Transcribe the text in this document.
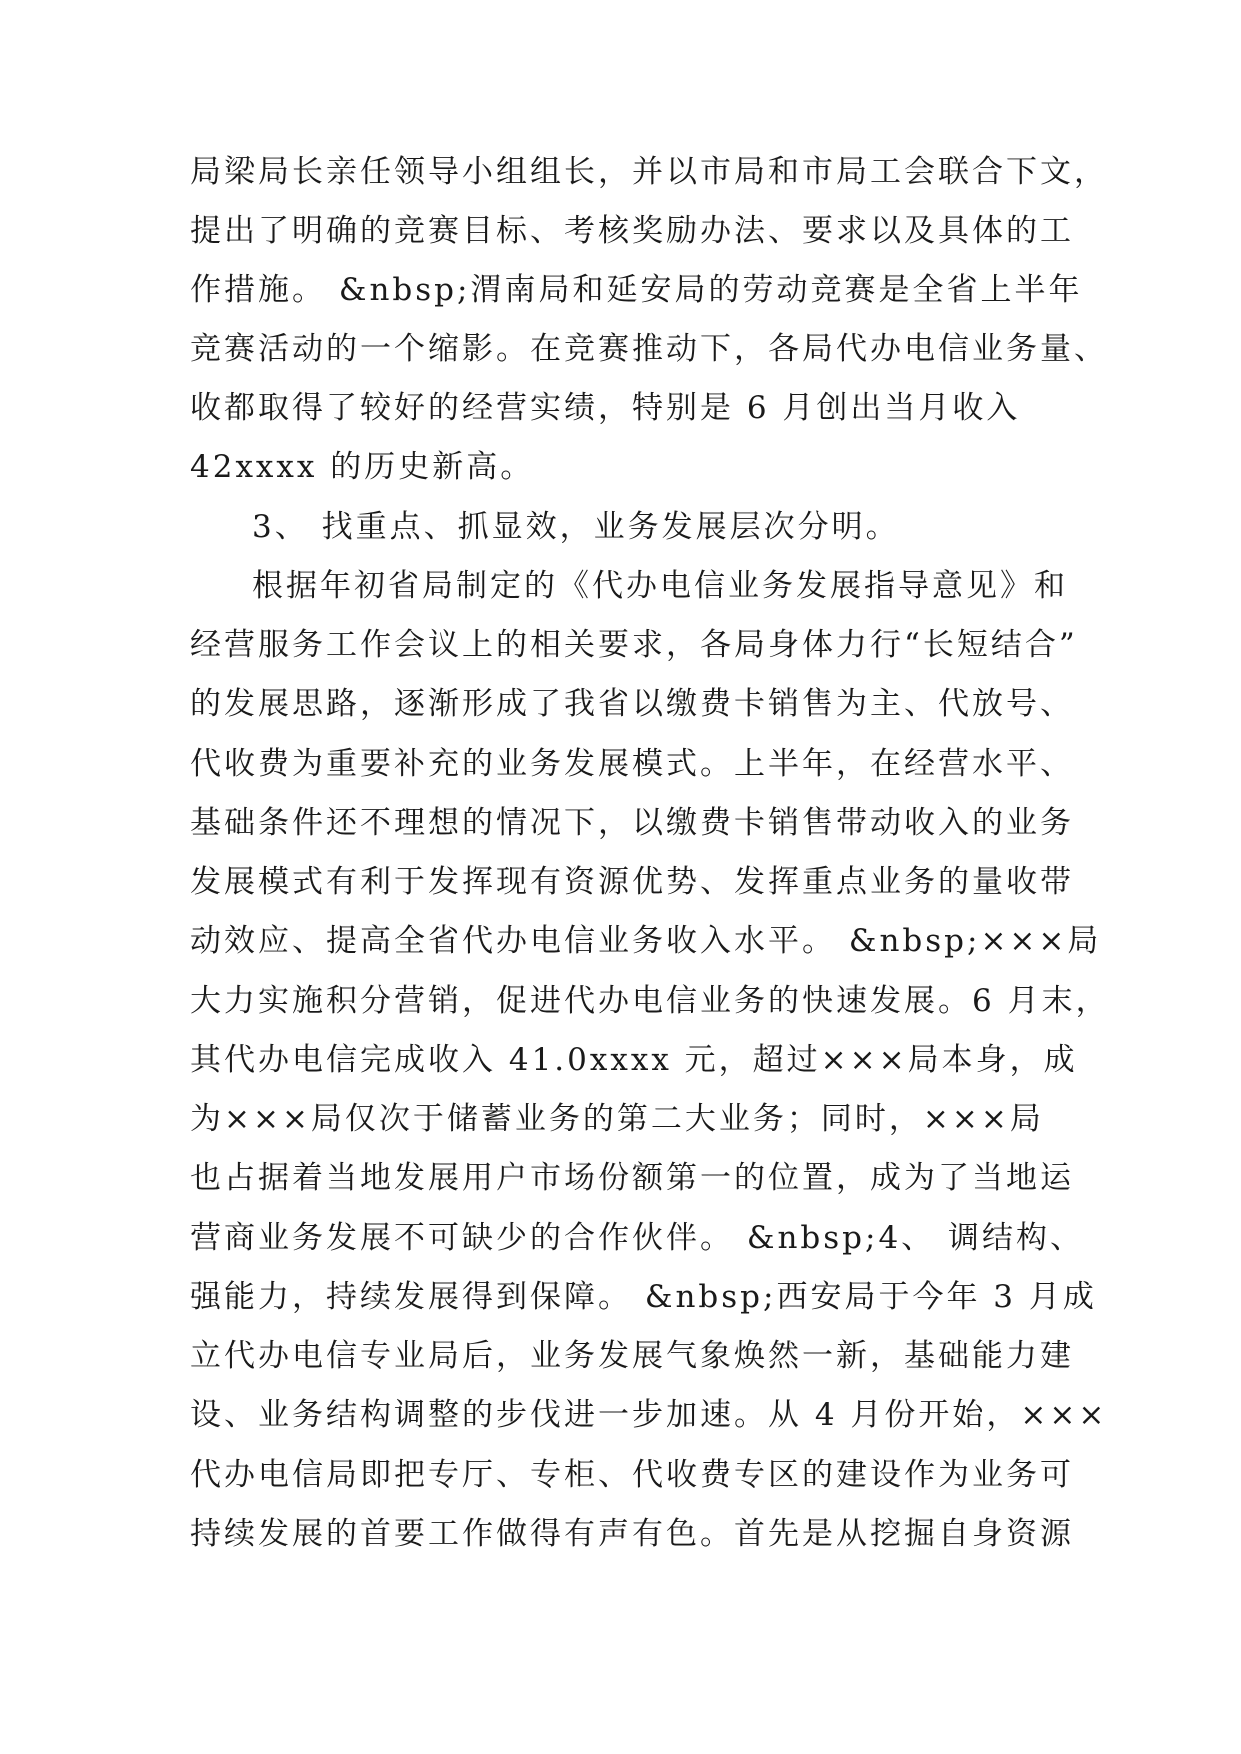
局梁局长亲任领导小组组长，并以市局和市局工会联合下文，
提出了明确的竞赛目标、考核奖励办法、要求以及具体的工
作措施。 &nbsp;渭南局和延安局的劳动竞赛是全省上半年
竞赛活动的一个缩影。在竞赛推动下，各局代办电信业务量、
收都取得了较好的经营实绩，特别是 6 月创出当月收入
42xxxx 的历史新高。
3、 找重点、抓显效，业务发展层次分明。
根据年初省局制定的《代办电信业务发展指导意见》和
经营服务工作会议上的相关要求，各局身体力行“长短结合”
的发展思路，逐渐形成了我省以缴费卡销售为主、代放号、
代收费为重要补充的业务发展模式。上半年，在经营水平、
基础条件还不理想的情况下，以缴费卡销售带动收入的业务
发展模式有利于发挥现有资源优势、发挥重点业务的量收带
动效应、提高全省代办电信业务收入水平。 &nbsp;×××局
大力实施积分营销，促进代办电信业务的快速发展。6 月末，
其代办电信完成收入 41.0xxxx 元，超过×××局本身，成
为×××局仅次于储蓄业务的第二大业务；同时，×××局
也占据着当地发展用户市场份额第一的位置，成为了当地运
营商业务发展不可缺少的合作伙伴。 &nbsp;4、 调结构、
强能力，持续发展得到保障。 &nbsp;西安局于今年 3 月成
立代办电信专业局后，业务发展气象焕然一新，基础能力建
设、业务结构调整的步伐进一步加速。从 4 月份开始，×××
代办电信局即把专厅、专柜、代收费专区的建设作为业务可
持续发展的首要工作做得有声有色。首先是从挖掘自身资源
